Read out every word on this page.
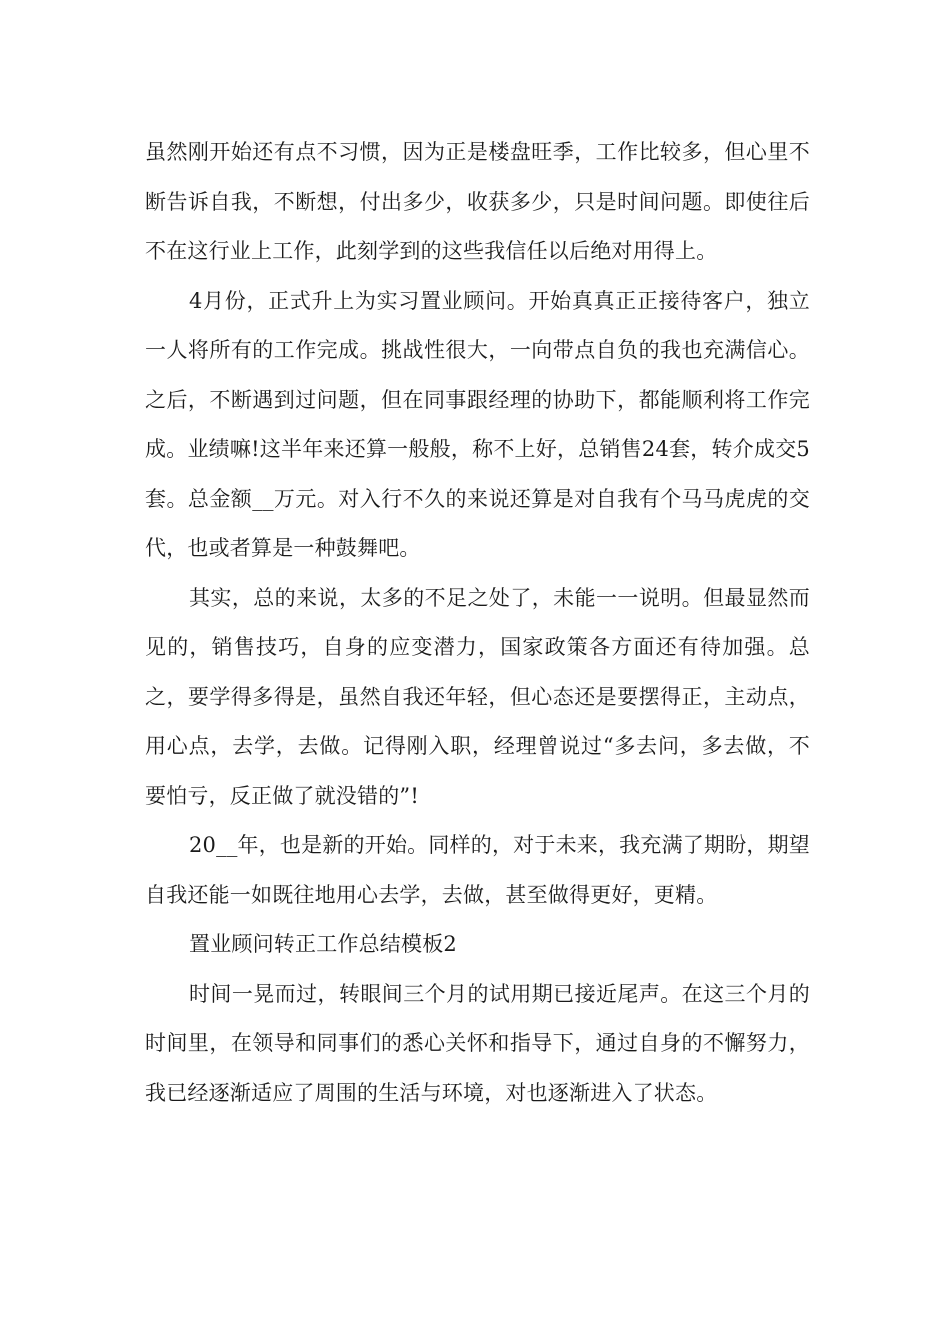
虽然刚开始还有点不习惯，因为正是楼盘旺季，工作比较多，但心里不断告诉自我，不断想，付出多少，收获多少，只是时间问题。即使往后不在这行业上工作，此刻学到的这些我信任以后绝对用得上。

4月份，正式升上为实习置业顾问。开始真真正正接待客户，独立一人将所有的工作完成。挑战性很大，一向带点自负的我也充满信心。之后，不断遇到过问题，但在同事跟经理的协助下，都能顺利将工作完成。业绩嘛!这半年来还算一般般，称不上好，总销售24套，转介成交5套。总金额__万元。对入行不久的来说还算是对自我有个马马虎虎的交代，也或者算是一种鼓舞吧。

其实，总的来说，太多的不足之处了，未能一一说明。但最显然而见的，销售技巧，自身的应变潜力，国家政策各方面还有待加强。总之，要学得多得是，虽然自我还年轻，但心态还是要摆得正，主动点，用心点，去学，去做。记得刚入职，经理曾说过“多去问，多去做，不要怕亏，反正做了就没错的”!

20__年，也是新的开始。同样的，对于未来，我充满了期盼，期望自我还能一如既往地用心去学，去做，甚至做得更好，更精。

置业顾问转正工作总结模板2

时间一晃而过，转眼间三个月的试用期已接近尾声。在这三个月的时间里，在领导和同事们的悉心关怀和指导下，通过自身的不懈努力，我已经逐渐适应了周围的生活与环境，对也逐渐进入了状态。
